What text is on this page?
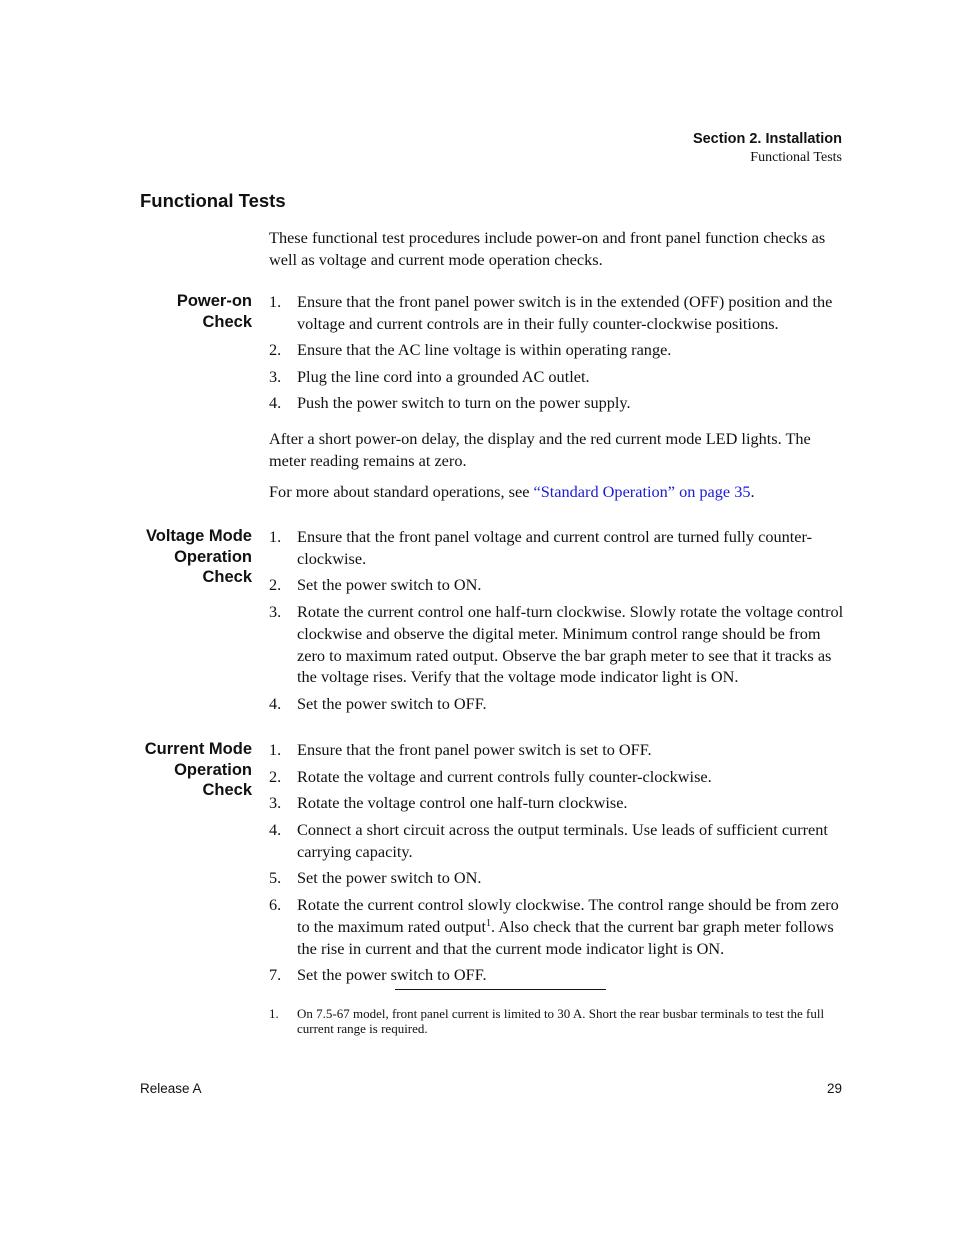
Section 2. Installation
Functional Tests
Functional Tests
These functional test procedures include power-on and front panel function checks as well as voltage and current mode operation checks.
Power-on
Check
1. Ensure that the front panel power switch is in the extended (OFF) position and the voltage and current controls are in their fully counter-clockwise positions.
2. Ensure that the AC line voltage is within operating range.
3. Plug the line cord into a grounded AC outlet.
4. Push the power switch to turn on the power supply.
After a short power-on delay, the display and the red current mode LED lights. The meter reading remains at zero.
For more about standard operations, see “Standard Operation” on page 35.
Voltage Mode
Operation
Check
1. Ensure that the front panel voltage and current control are turned fully counter-clockwise.
2. Set the power switch to ON.
3. Rotate the current control one half-turn clockwise. Slowly rotate the voltage control clockwise and observe the digital meter. Minimum control range should be from zero to maximum rated output. Observe the bar graph meter to see that it tracks as the voltage rises. Verify that the voltage mode indicator light is ON.
4. Set the power switch to OFF.
Current Mode
Operation
Check
1. Ensure that the front panel power switch is set to OFF.
2. Rotate the voltage and current controls fully counter-clockwise.
3. Rotate the voltage control one half-turn clockwise.
4. Connect a short circuit across the output terminals. Use leads of sufficient current carrying capacity.
5. Set the power switch to ON.
6. Rotate the current control slowly clockwise. The control range should be from zero to the maximum rated output$^1$. Also check that the current bar graph meter follows the rise in current and that the current mode indicator light is ON.
7. Set the power switch to OFF.
1. On 7.5-67 model, front panel current is limited to 30 A. Short the rear busbar terminals to test the full current range is required.
Release A	29
